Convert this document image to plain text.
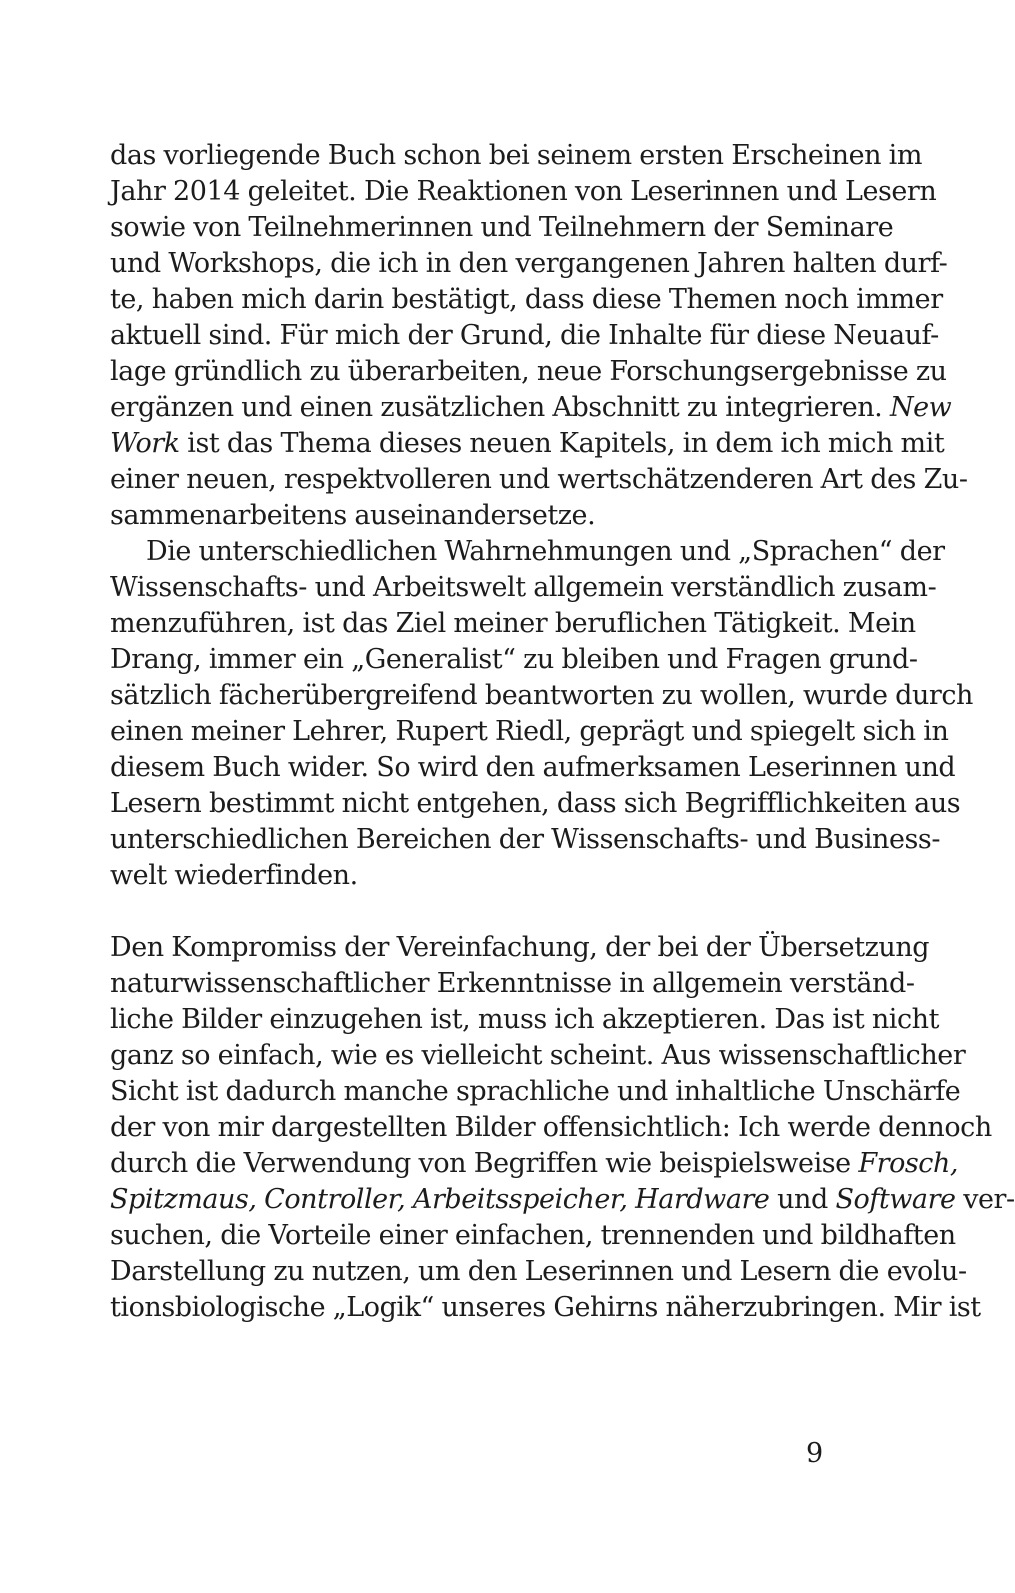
das vorliegende Buch schon bei seinem ersten Erscheinen im
Jahr 2014 geleitet. Die Reaktionen von Leserinnen und Lesern
sowie von Teilnehmerinnen und Teilnehmern der Seminare
und Workshops, die ich in den vergangenen Jahren halten durf-
te, haben mich darin bestätigt, dass diese Themen noch immer
aktuell sind. Für mich der Grund, die Inhalte für diese Neuauf-
lage gründlich zu überarbeiten, neue Forschungsergebnisse zu
ergänzen und einen zusätzlichen Abschnitt zu integrieren. New
Work ist das Thema dieses neuen Kapitels, in dem ich mich mit
einer neuen, respektvolleren und wertschätzenderen Art des Zu-
sammenarbeitens auseinandersetze.
Die unterschiedlichen Wahrnehmungen und „Sprachen“ der
Wissenschafts- und Arbeitswelt allgemein verständlich zusam-
menzuführen, ist das Ziel meiner beruflichen Tätigkeit. Mein
Drang, immer ein „Generalist“ zu bleiben und Fragen grund-
sätzlich fächerübergreifend beantworten zu wollen, wurde durch
einen meiner Lehrer, Rupert Riedl, geprägt und spiegelt sich in
diesem Buch wider. So wird den aufmerksamen Leserinnen und
Lesern bestimmt nicht entgehen, dass sich Begrifflichkeiten aus
unterschiedlichen Bereichen der Wissenschafts- und Business-
welt wiederfinden.
Den Kompromiss der Vereinfachung, der bei der Übersetzung
naturwissenschaftlicher Erkenntnisse in allgemein verständ-
liche Bilder einzugehen ist, muss ich akzeptieren. Das ist nicht
ganz so einfach, wie es vielleicht scheint. Aus wissenschaftlicher
Sicht ist dadurch manche sprachliche und inhaltliche Unschärfe
der von mir dargestellten Bilder offensichtlich: Ich werde dennoch
durch die Verwendung von Begriffen wie beispielsweise Frosch,
Spitzmaus, Controller, Arbeitsspeicher, Hardware und Software ver-
suchen, die Vorteile einer einfachen, trennenden und bildhaften
Darstellung zu nutzen, um den Leserinnen und Lesern die evolu-
tionsbiologische „Logik“ unseres Gehirns näherzubringen. Mir ist
9
